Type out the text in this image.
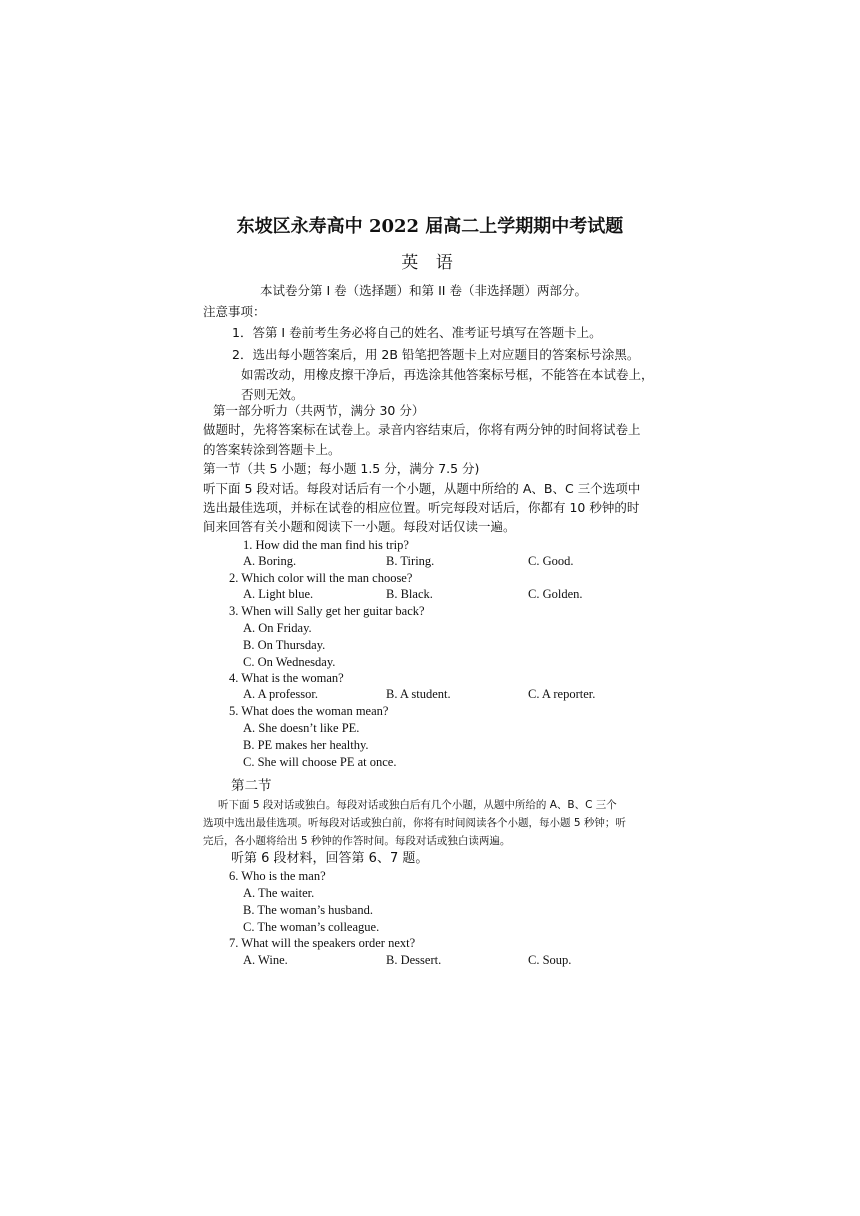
东坡区永寿高中 2022 届高二上学期期中考试题
英 语
本试卷分第 I 卷（选择题）和第 II 卷（非选择题）两部分。
注意事项：
1．答第 I 卷前考生务必将自己的姓名、准考证号填写在答题卡上。
2．选出每小题答案后，用 2B 铅笔把答题卡上对应题目的答案标号涂黑。
如需改动，用橡皮擦干净后，再选涂其他答案标号框，不能答在本试卷上，
否则无效。
第一部分听力（共两节，满分 30 分）
做题时，先将答案标在试卷上。录音内容结束后，你将有两分钟的时间将试卷上
的答案转涂到答题卡上。
第一节（共 5 小题；每小题 1.5 分，满分 7.5 分)
听下面 5 段对话。每段对话后有一个小题，从题中所给的 A、B、C 三个选项中
选出最佳选项，并标在试卷的相应位置。听完每段对话后，你都有 10 秒钟的时
间来回答有关小题和阅读下一小题。每段对话仅读一遍。
1. How did the man find his trip?
A. Boring.	B. Tiring.	C. Good.
2. Which color will the man choose?
A. Light blue.	B. Black.	C. Golden.
3. When will Sally get her guitar back?
A. On Friday.
B. On Thursday.
C. On Wednesday.
4. What is the woman?
A. A professor.	B. A student.	C. A reporter.
5. What does the woman mean?
A. She doesn’t like PE.
B. PE makes her healthy.
C. She will choose PE at once.
第二节
听下面 5 段对话或独白。每段对话或独白后有几个小题，从题中所给的 A、B、C 三个
选项中选出最佳选项。听每段对话或独白前，你将有时间阅读各个小题，每小题 5 秒钟；听
完后，各小题将给出 5 秒钟的作答时间。每段对话或独白读两遍。
听第 6 段材料，回答第 6、7 题。
6. Who is the man?
A. The waiter.
B. The woman’s husband.
C. The woman’s colleague.
7. What will the speakers order next?
A. Wine.	B. Dessert.	C. Soup.
